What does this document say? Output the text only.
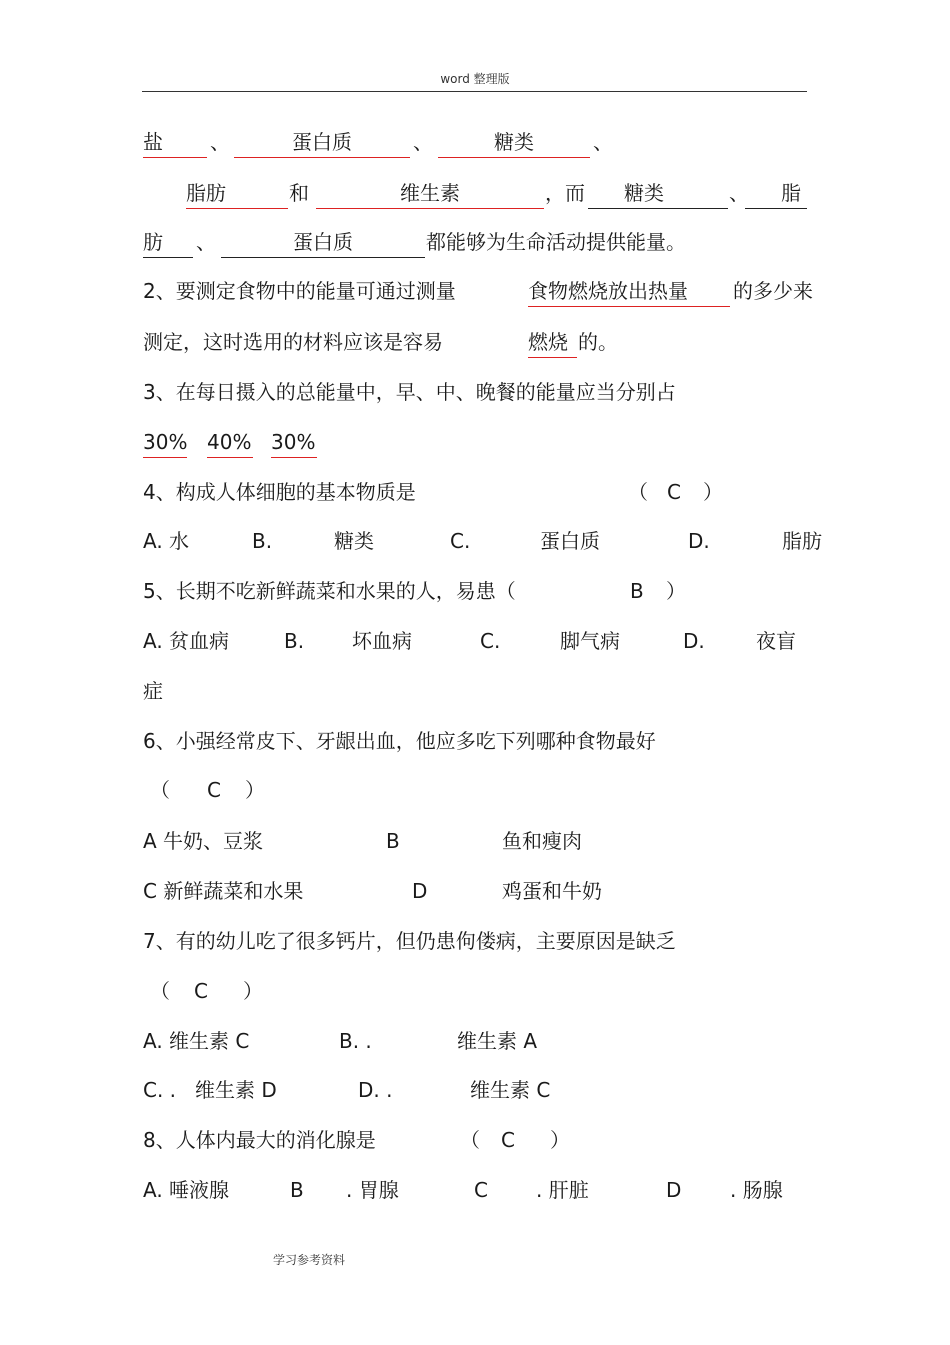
word 整理版
盐	、	蛋白质	、	糖类	、
脂肪	和	维生素	，而 糖类	、 脂
肪	、	蛋白质	都能够为生命活动提供能量。
2、要测定食物中的能量可通过测量	食物燃烧放出热量	的多少来
测定，这时选用的材料应该是容易	燃烧 的。
3、在每日摄入的总能量中，早、中、晚餐的能量应当分别占
30% 40% 30%
4、构成人体细胞的基本物质是	（ C ）
A. 水	B.	糖类	C.	蛋白质	D.	脂肪
5、长期不吃新鲜蔬菜和水果的人，易患（	B ）
A. 贫血病	B. 坏血病	C.	脚气病	D.	夜盲
症
6、小强经常皮下、牙龈出血，他应多吃下列哪种食物最好
（ C ）
A 牛奶、豆浆	B	鱼和瘦肉
C 新鲜蔬菜和水果	D	鸡蛋和牛奶
7、有的幼儿吃了很多钙片，但仍患佝偻病，主要原因是缺乏
（ C ）
A. 维生素 C	B. .	维生素 A
C. . 维生素 D	D. .	维生素 C
8、人体内最大的消化腺是	（ C ）
A. 唾液腺	B . 胃腺	C . 肝脏	D . 肠腺
学习参考资料
